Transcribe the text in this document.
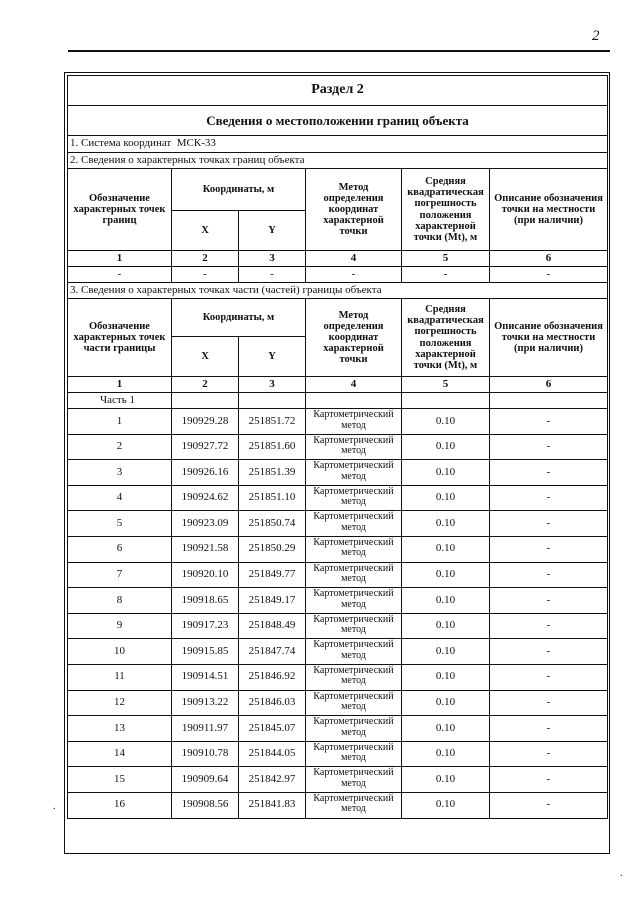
2
Раздел 2					
Сведения о местоположении границ объекта					
1. Система координат МСК-33					
2. Сведения о характерных точках границ объекта					
Обозначение характерных точек границ	Координаты, м		Метод определения координат характерной точки	Средняя квадратическая погрешность положения характерной точки (Mt), м	Описание обозначения точки на местности (при наличии)
	X	Y			
1	2	3	4	5	6
-	-	-	-	-	-
3. Сведения о характерных точках части (частей) границы объекта					
Обозначение характерных точек части границы	Координаты, м		Метод определения координат характерной точки	Средняя квадратическая погрешность положения характерной точки (Mt), м	Описание обозначения точки на местности (при наличии)
	X	Y			
1	2	3	4	5	6
Часть 1					
1	190929.28	251851.72	Картометрический метод	0.10	-
2	190927.72	251851.60	Картометрический метод	0.10	-
3	190926.16	251851.39	Картометрический метод	0.10	-
4	190924.62	251851.10	Картометрический метод	0.10	-
5	190923.09	251850.74	Картометрический метод	0.10	-
6	190921.58	251850.29	Картометрический метод	0.10	-
7	190920.10	251849.77	Картометрический метод	0.10	-
8	190918.65	251849.17	Картометрический метод	0.10	-
9	190917.23	251848.49	Картометрический метод	0.10	-
10	190915.85	251847.74	Картометрический метод	0.10	-
11	190914.51	251846.92	Картометрический метод	0.10	-
12	190913.22	251846.03	Картометрический метод	0.10	-
13	190911.97	251845.07	Картометрический метод	0.10	-
14	190910.78	251844.05	Картометрический метод	0.10	-
15	190909.64	251842.97	Картометрический метод	0.10	-
16	190908.56	251841.83	Картометрический метод	0.10	-
.
.
